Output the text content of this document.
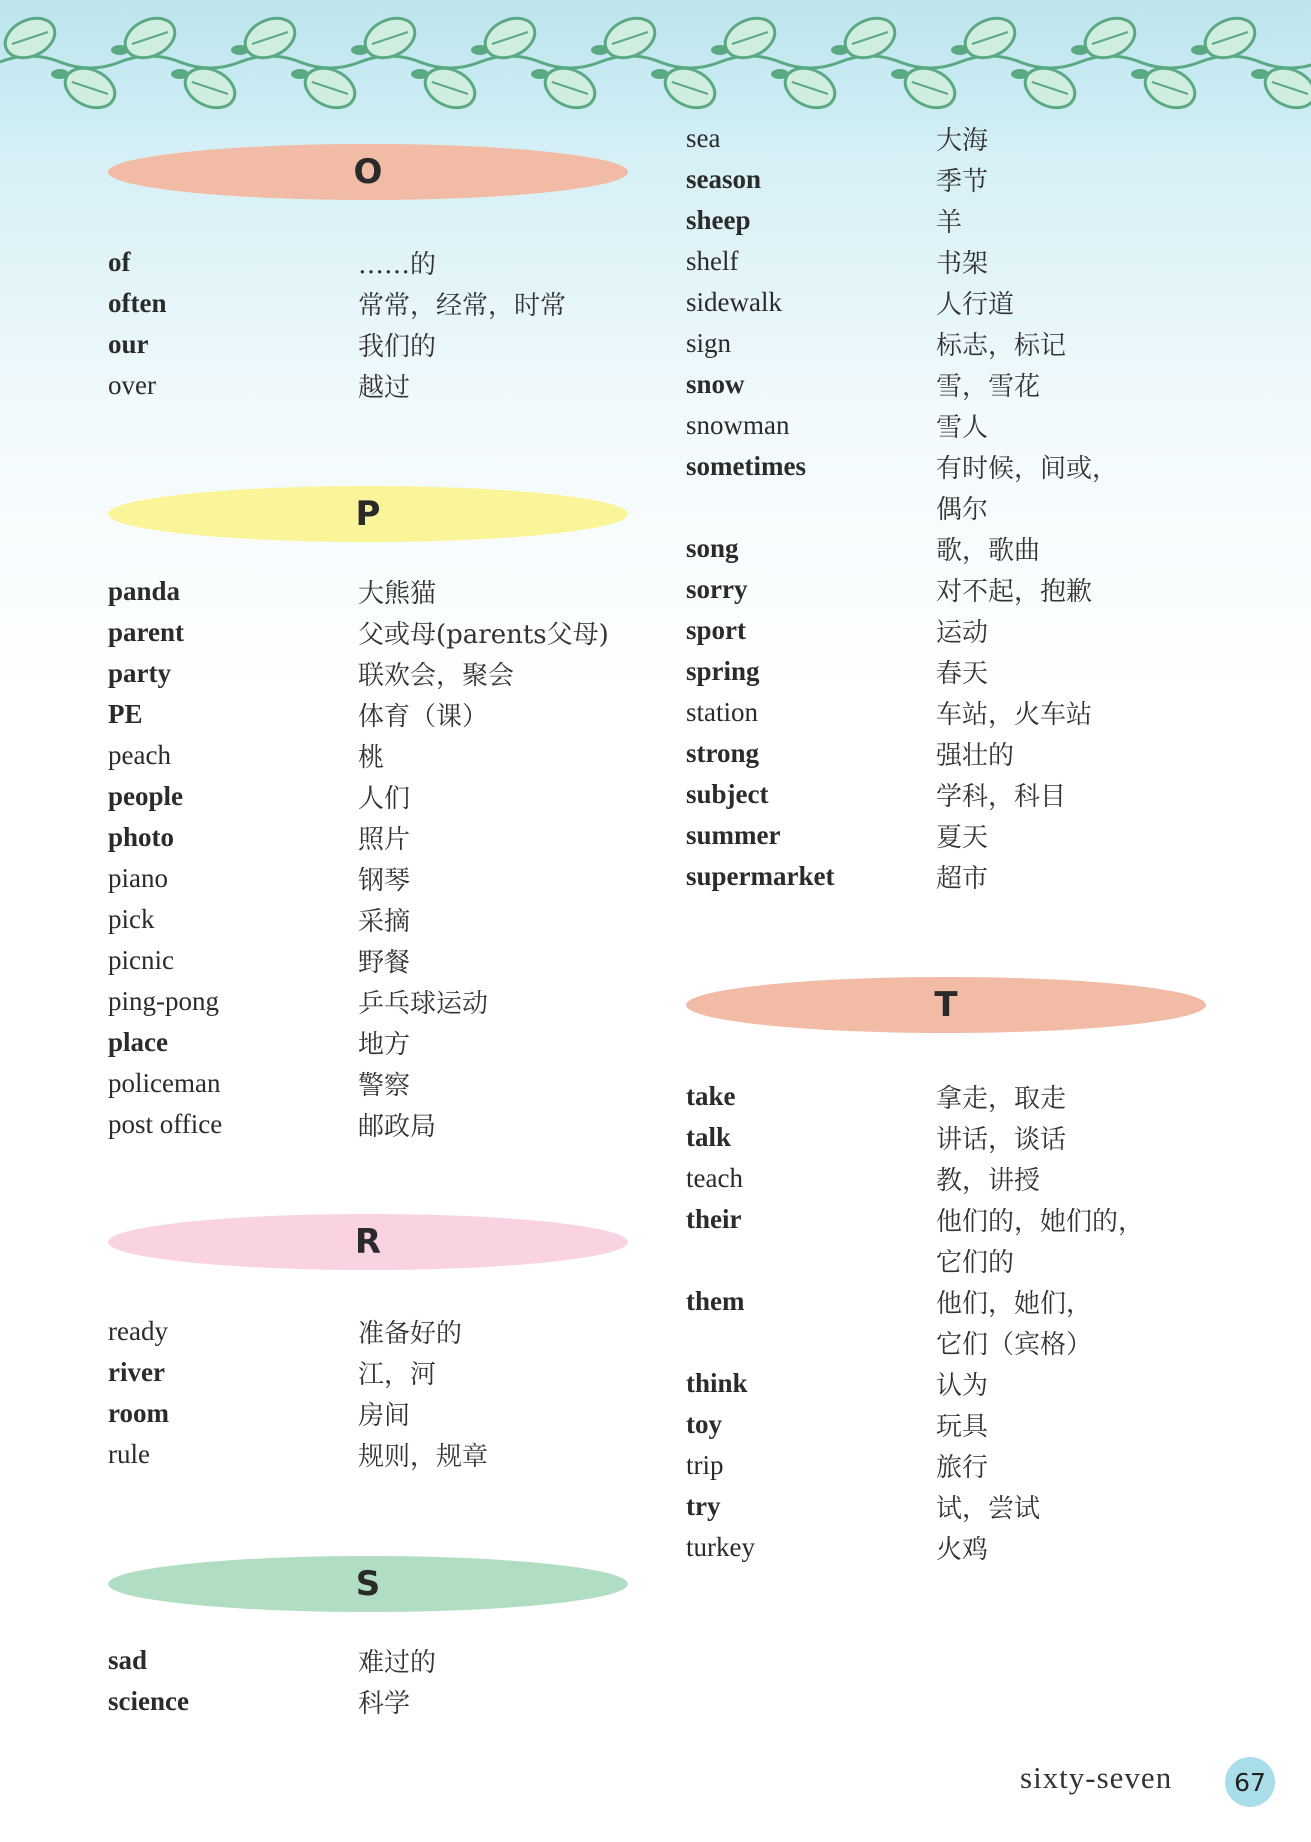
O
of	……的
often	常常，经常，时常
our	我们的
over	越过
P
panda	大熊猫
parent	父或母(parents父母)
party	联欢会，聚会
PE	体育（课）
peach	桃
people	人们
photo	照片
piano	钢琴
pick	采摘
picnic	野餐
ping-pong	乒乓球运动
place	地方
policeman	警察
post office	邮政局
R
ready	准备好的
river	江，河
room	房间
rule	规则，规章
S
sad	难过的
science	科学
sea	大海
season	季节
sheep	羊
shelf	书架
sidewalk	人行道
sign	标志，标记
snow	雪，雪花
snowman	雪人
sometimes	有时候，间或，
偶尔
song	歌，歌曲
sorry	对不起，抱歉
sport	运动
spring	春天
station	车站，火车站
strong	强壮的
subject	学科，科目
summer	夏天
supermarket	超市
T
take	拿走，取走
talk	讲话，谈话
teach	教，讲授
their	他们的，她们的，
它们的
them	他们，她们，
它们（宾格）
think	认为
toy	玩具
trip	旅行
try	试，尝试
turkey	火鸡
sixty-seven 67
